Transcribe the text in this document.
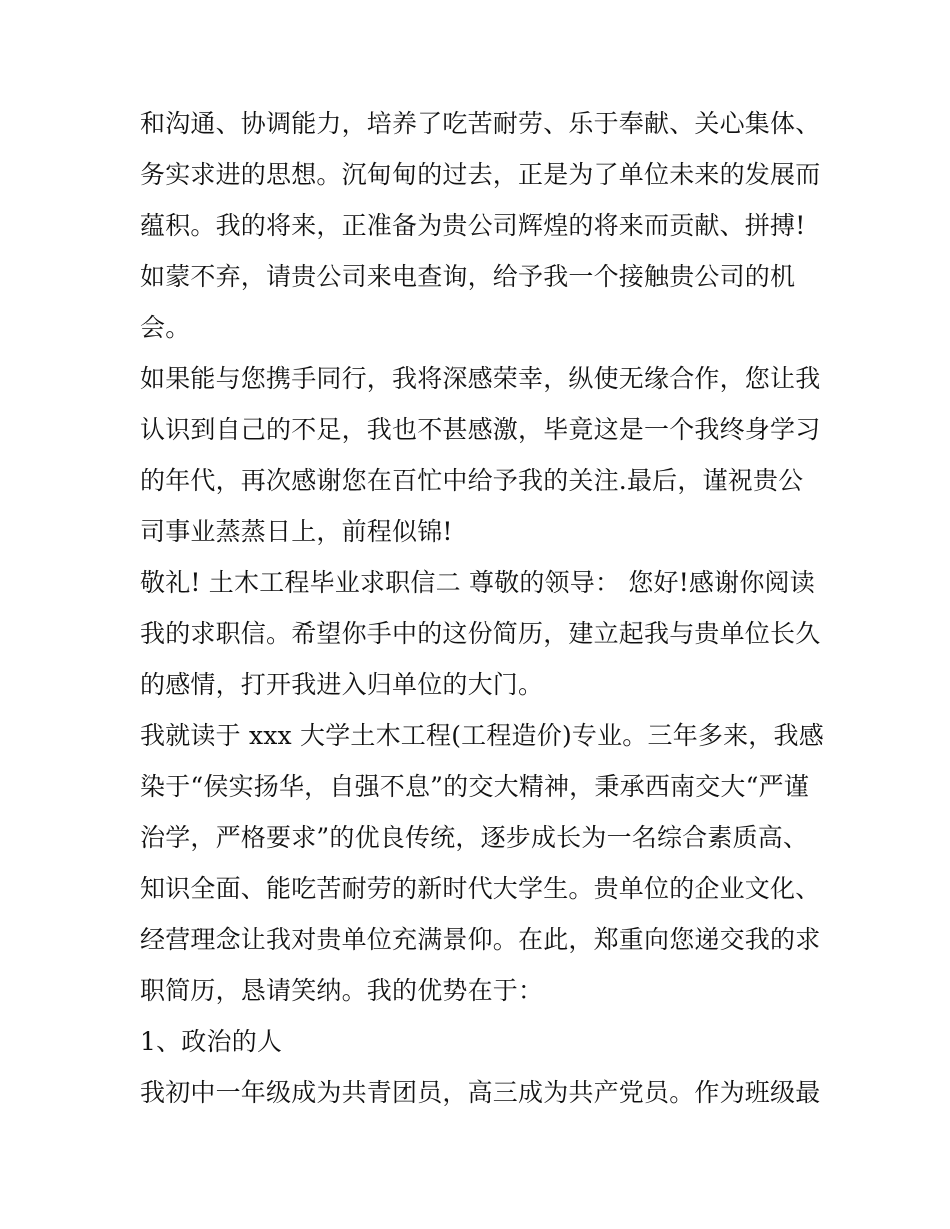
和沟通、协调能力，培养了吃苦耐劳、乐于奉献、关心集体、
务实求进的思想。沉甸甸的过去，正是为了单位未来的发展而
蕴积。我的将来，正准备为贵公司辉煌的将来而贡献、拼搏!
如蒙不弃，请贵公司来电查询，给予我一个接触贵公司的机
会。
如果能与您携手同行，我将深感荣幸，纵使无缘合作，您让我
认识到自己的不足，我也不甚感激，毕竟这是一个我终身学习
的年代，再次感谢您在百忙中给予我的关注.最后，谨祝贵公
司事业蒸蒸日上，前程似锦!
敬礼! 土木工程毕业求职信二 尊敬的领导： 您好!感谢你阅读
我的求职信。希望你手中的这份简历，建立起我与贵单位长久
的感情，打开我进入归单位的大门。
我就读于 xxx 大学土木工程(工程造价)专业。三年多来，我感
染于“侯实扬华，自强不息”的交大精神，秉承西南交大“严谨
治学，严格要求”的优良传统，逐步成长为一名综合素质高、
知识全面、能吃苦耐劳的新时代大学生。贵单位的企业文化、
经营理念让我对贵单位充满景仰。在此，郑重向您递交我的求
职简历，恳请笑纳。我的优势在于：
1、政治的人
我初中一年级成为共青团员，高三成为共产党员。作为班级最
